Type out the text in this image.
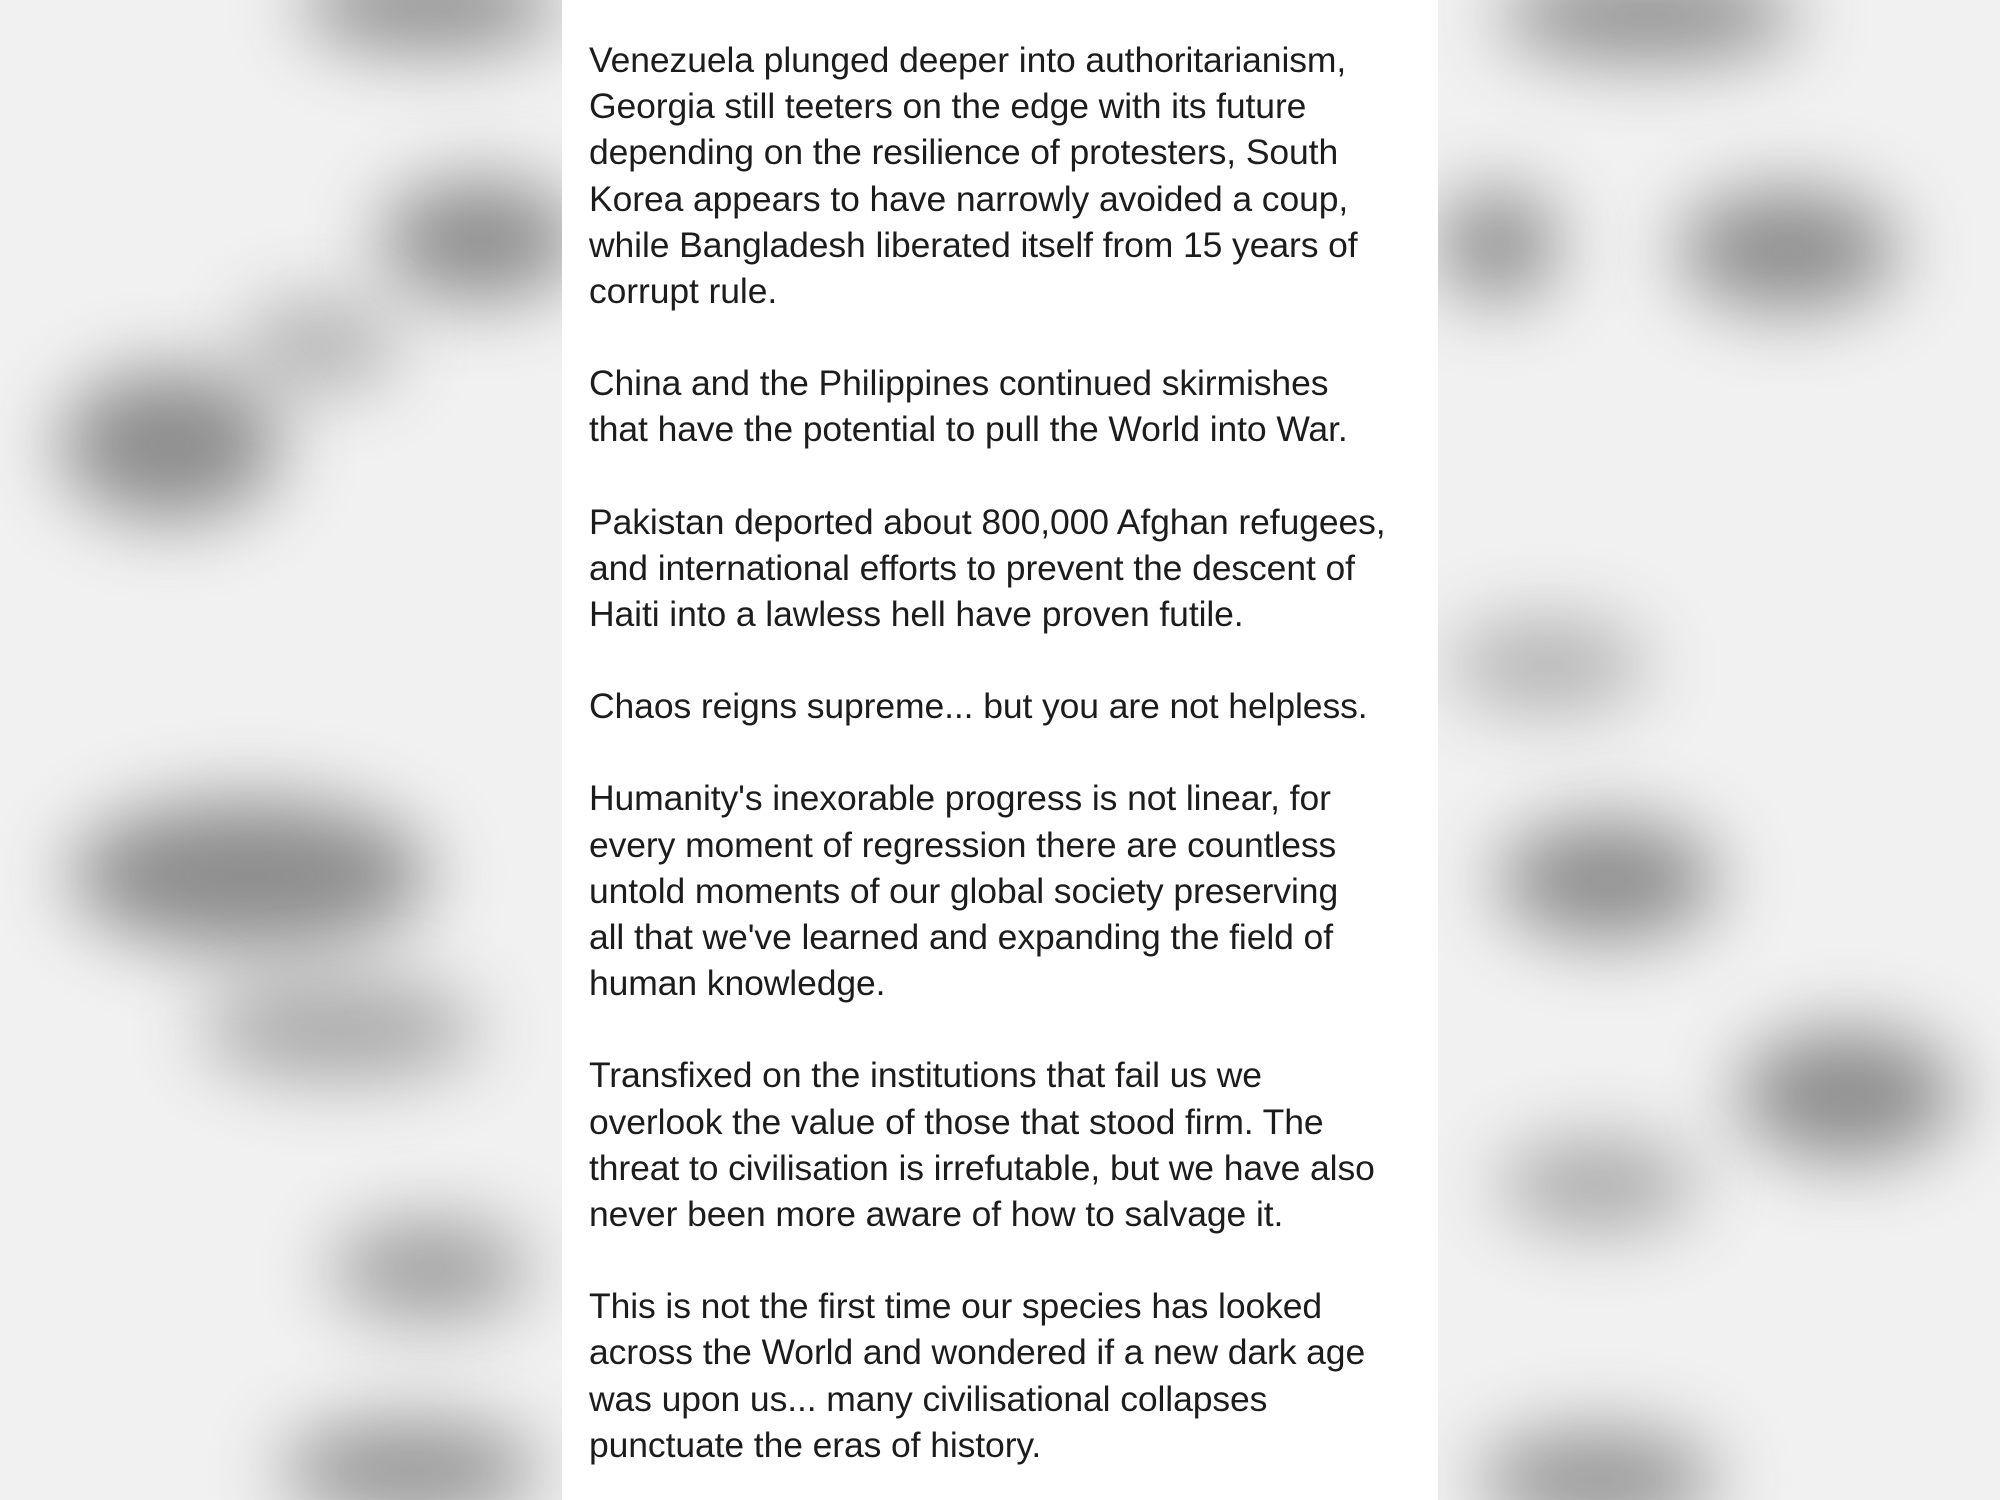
Venezuela plunged deeper into authoritarianism,
Georgia still teeters on the edge with its future
depending on the resilience of protesters, South
Korea appears to have narrowly avoided a coup,
while Bangladesh liberated itself from 15 years of
corrupt rule.

China and the Philippines continued skirmishes
that have the potential to pull the World into War.

Pakistan deported about 800,000 Afghan refugees,
and international efforts to prevent the descent of
Haiti into a lawless hell have proven futile.

Chaos reigns supreme... but you are not helpless.

Humanity's inexorable progress is not linear, for
every moment of regression there are countless
untold moments of our global society preserving
all that we've learned and expanding the field of
human knowledge.

Transfixed on the institutions that fail us we
overlook the value of those that stood firm. The
threat to civilisation is irrefutable, but we have also
never been more aware of how to salvage it.

This is not the first time our species has looked
across the World and wondered if a new dark age
was upon us... many civilisational collapses
punctuate the eras of history.
